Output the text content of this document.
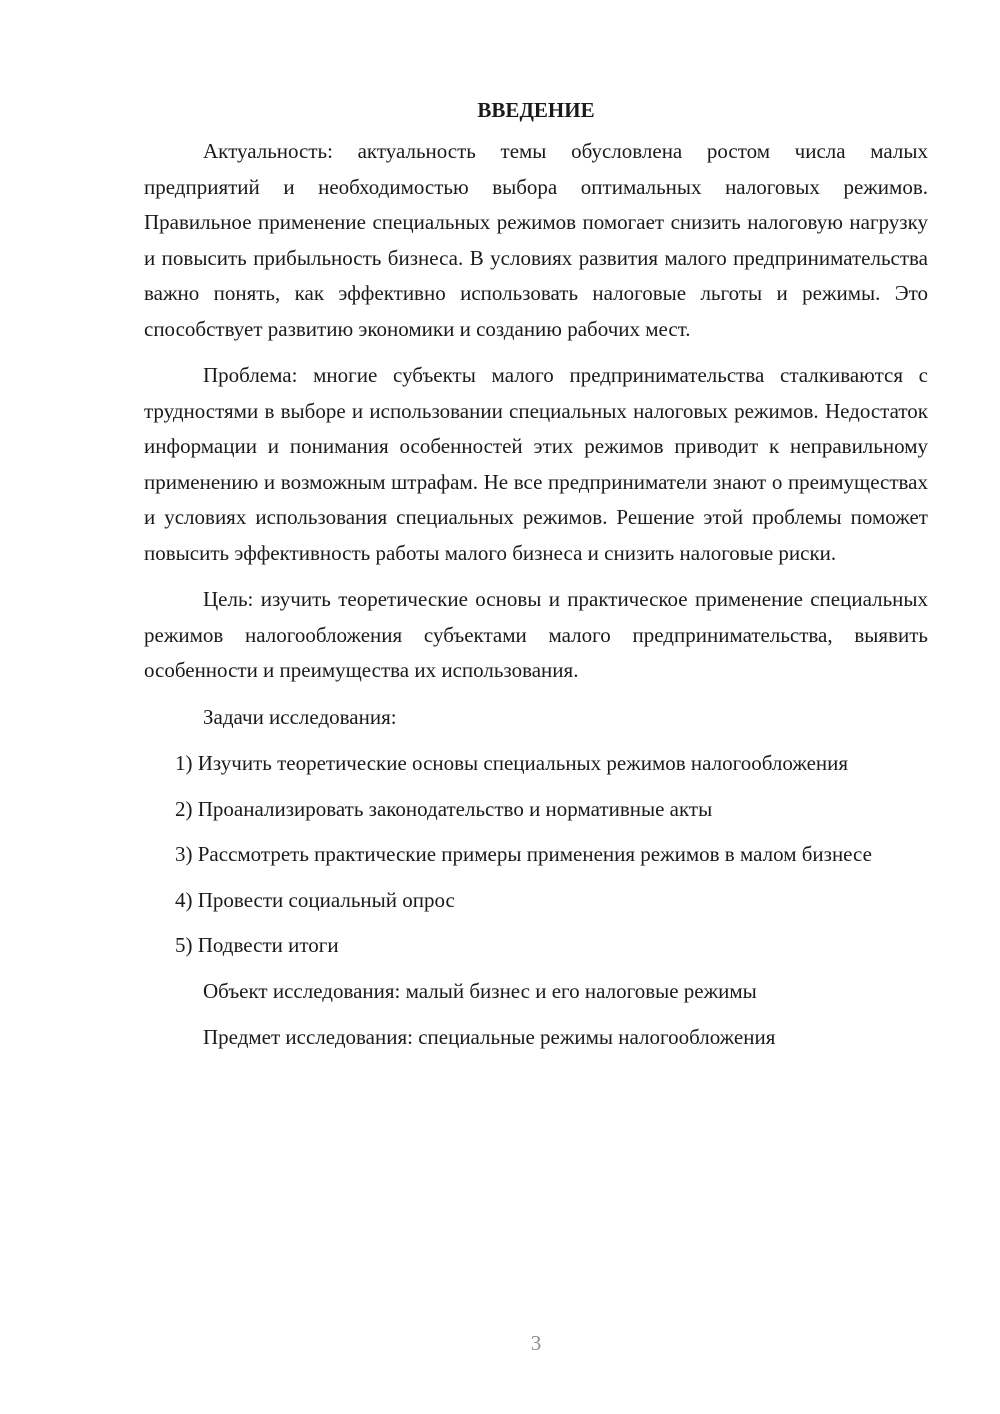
ВВЕДЕНИЕ

Актуальность: актуальность темы обусловлена ростом числа малых предприятий и необходимостью выбора оптимальных налоговых режимов. Правильное применение специальных режимов помогает снизить налоговую нагрузку и повысить прибыльность бизнеса. В условиях развития малого предпринимательства важно понять, как эффективно использовать налоговые льготы и режимы. Это способствует развитию экономики и созданию рабочих мест.

Проблема: многие субъекты малого предпринимательства сталкиваются с трудностями в выборе и использовании специальных налоговых режимов. Недостаток информации и понимания особенностей этих режимов приводит к неправильному применению и возможным штрафам. Не все предприниматели знают о преимуществах и условиях использования специальных режимов. Решение этой проблемы поможет повысить эффективность работы малого бизнеса и снизить налоговые риски.

Цель: изучить теоретические основы и практическое применение специальных режимов налогообложения субъектами малого предпринимательства, выявить особенности и преимущества их использования.

Задачи исследования:

1) Изучить теоретические основы специальных режимов налогообложения

2) Проанализировать законодательство и нормативные акты

3) Рассмотреть практические примеры применения режимов в малом бизнесе

4) Провести социальный опрос

5) Подвести итоги

Объект исследования: малый бизнес и его налоговые режимы

Предмет исследования: специальные режимы налогообложения

3
